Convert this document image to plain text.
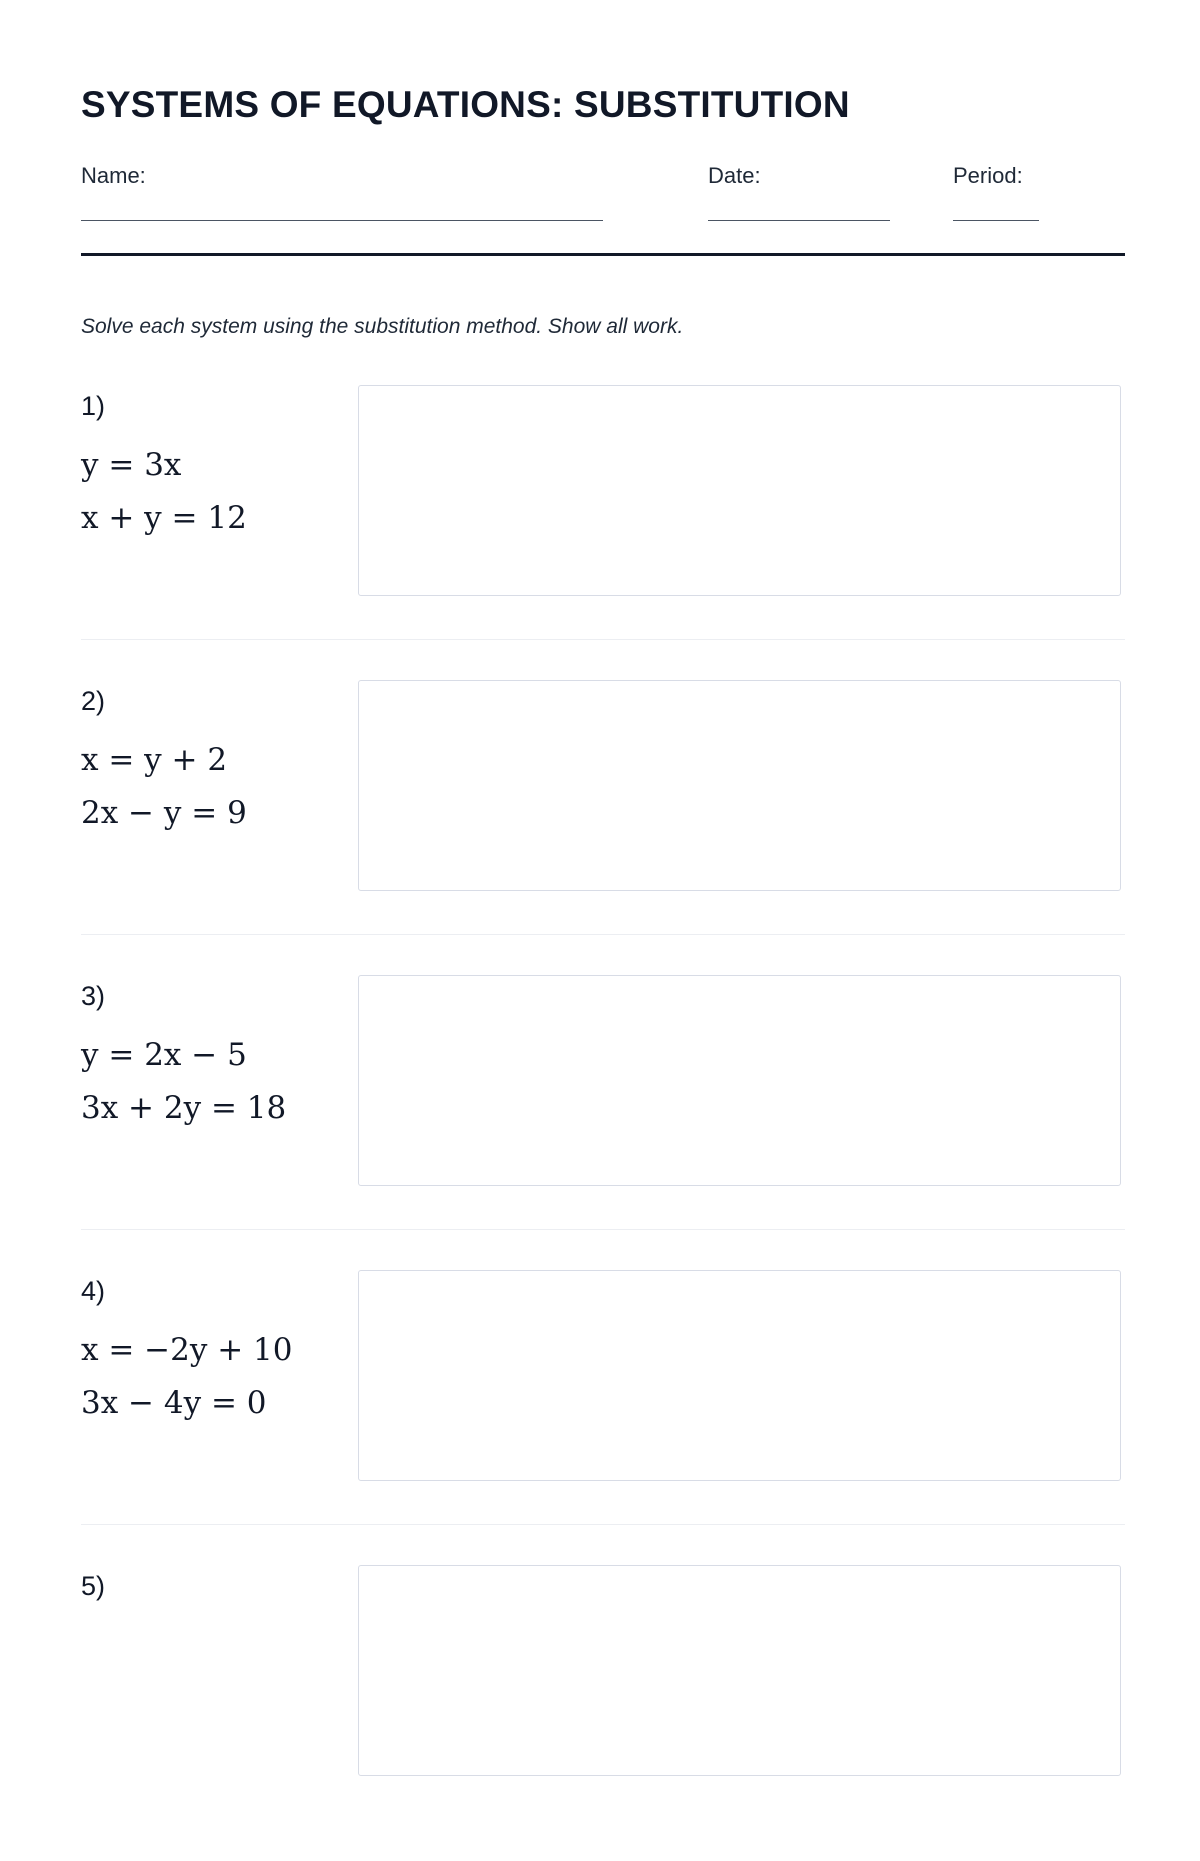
SYSTEMS OF EQUATIONS: SUBSTITUTION
Name:	Date:	Period:
Solve each system using the substitution method. Show all work.
1)
y = 3x
x + y = 12
2)
x = y + 2
2x − y = 9
3)
y = 2x − 5
3x + 2y = 18
4)
x = −2y + 10
3x − 4y = 0
5)
